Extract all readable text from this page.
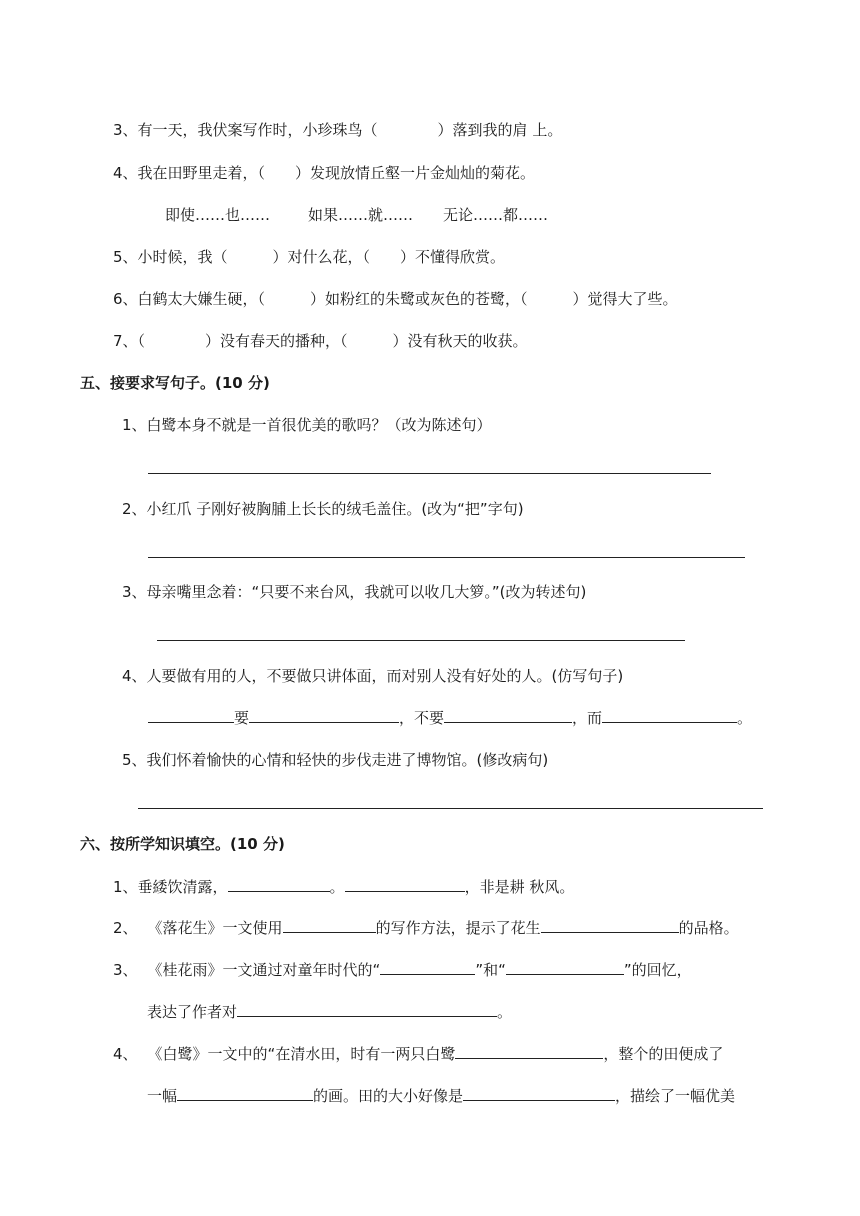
3、有一天，我伏案写作时，小珍珠鸟（　　　　）落到我的肩 上。
4、我在田野里走着，（　　）发现放情丘壑一片金灿灿的菊花。
即使……也……	如果……就…… 无论……都……
5、小时候，我（　　　）对什么花，（　　）不懂得欣赏。
6、白鹤太大嫌生硬，（　　　）如粉红的朱鹭或灰色的苍鹭，（　　　）觉得大了些。
7、（　　　　）没有春天的播种，（　　　）没有秋天的收获。
五、接要求写句子。(10 分)
1、白鹭本身不就是一首很优美的歌吗？（改为陈述句）
2、小红爪 子刚好被胸脯上长长的绒毛盖住。(改为“把”字句)
3、母亲嘴里念着：“只要不来台风，我就可以收几大箩。”(改为转述句)
4、人要做有用的人，不要做只讲体面，而对别人没有好处的人。(仿写句子)
要	，不要	，而	。
5、我们怀着愉快的心情和轻快的步伐走进了博物馆。(修改病句)
六、按所学知识填空。(10 分)
1、垂緌饮清露，	。	，非是耕 秋风。
2、 《落花生》一文使用	的写作方法，提示了花生	的品格。
3、 《桂花雨》一文通过对童年时代的“	”和“	”的回忆，
表达了作者对	。
4、 《白鹭》一文中的“在清水田，时有一两只白鹭	，整个的田便成了
一幅	的画。田的大小好像是	，描绘了一幅优美
